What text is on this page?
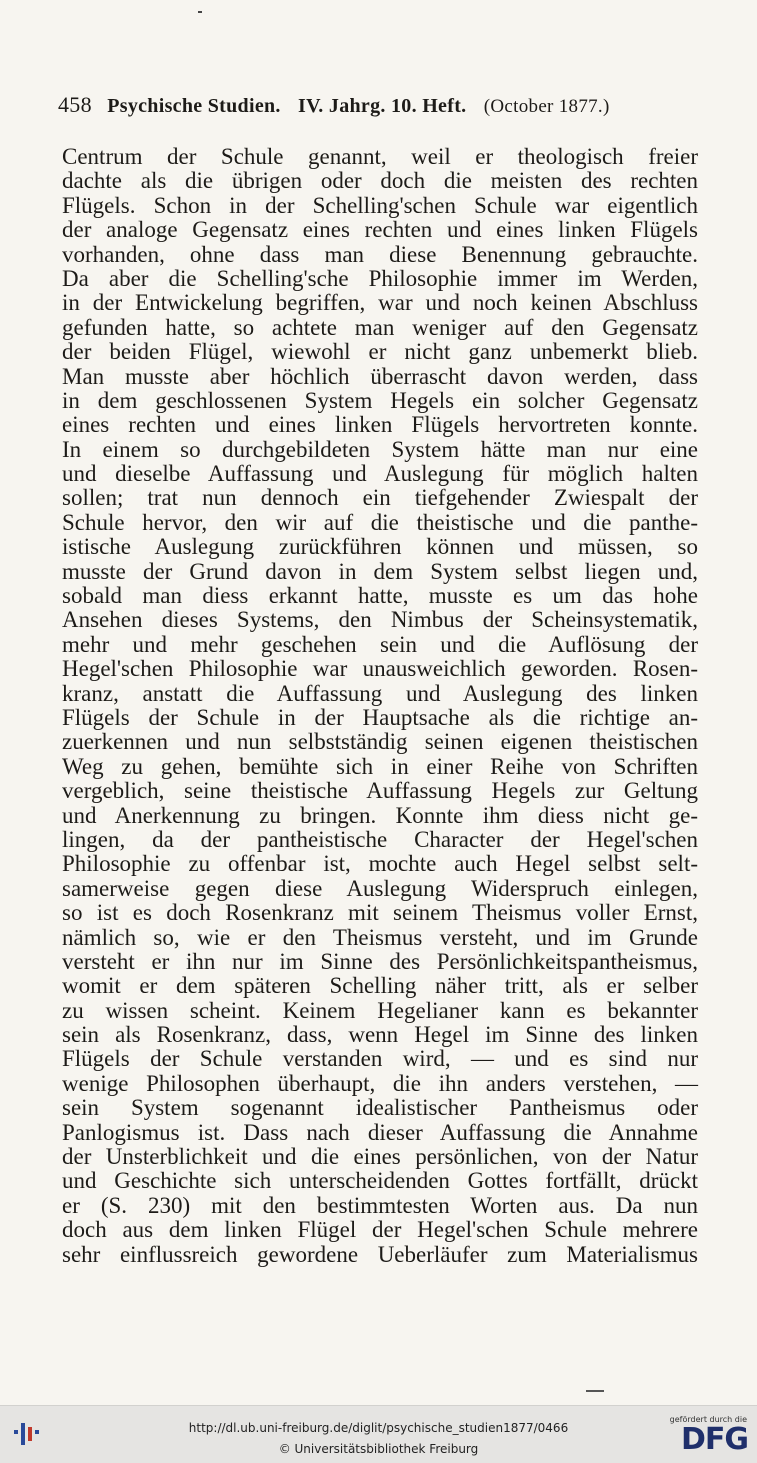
458 Psychische Studien. IV. Jahrg. 10. Heft. (October 1877.)
Centrum der Schule genannt, weil er theologisch freier
dachte als die übrigen oder doch die meisten des rechten
Flügels. Schon in der Schelling'schen Schule war eigentlich
der analoge Gegensatz eines rechten und eines linken Flügels
vorhanden, ohne dass man diese Benennung gebrauchte.
Da aber die Schelling'sche Philosophie immer im Werden,
in der Entwickelung begriffen, war und noch keinen Abschluss
gefunden hatte, so achtete man weniger auf den Gegensatz
der beiden Flügel, wiewohl er nicht ganz unbemerkt blieb.
Man musste aber höchlich überrascht davon werden, dass
in dem geschlossenen System Hegels ein solcher Gegensatz
eines rechten und eines linken Flügels hervortreten konnte.
In einem so durchgebildeten System hätte man nur eine
und dieselbe Auffassung und Auslegung für möglich halten
sollen; trat nun dennoch ein tiefgehender Zwiespalt der
Schule hervor, den wir auf die theistische und die panthe-
istische Auslegung zurückführen können und müssen, so
musste der Grund davon in dem System selbst liegen und,
sobald man diess erkannt hatte, musste es um das hohe
Ansehen dieses Systems, den Nimbus der Scheinsystematik,
mehr und mehr geschehen sein und die Auflösung der
Hegel'schen Philosophie war unausweichlich geworden. Rosen-
kranz, anstatt die Auffassung und Auslegung des linken
Flügels der Schule in der Hauptsache als die richtige an-
zuerkennen und nun selbstständig seinen eigenen theistischen
Weg zu gehen, bemühte sich in einer Reihe von Schriften
vergeblich, seine theistische Auffassung Hegels zur Geltung
und Anerkennung zu bringen. Konnte ihm diess nicht ge-
lingen, da der pantheistische Character der Hegel'schen
Philosophie zu offenbar ist, mochte auch Hegel selbst selt-
samerweise gegen diese Auslegung Widerspruch einlegen,
so ist es doch Rosenkranz mit seinem Theismus voller Ernst,
nämlich so, wie er den Theismus versteht, und im Grunde
versteht er ihn nur im Sinne des Persönlichkeitspantheismus,
womit er dem späteren Schelling näher tritt, als er selber
zu wissen scheint. Keinem Hegelianer kann es bekannter
sein als Rosenkranz, dass, wenn Hegel im Sinne des linken
Flügels der Schule verstanden wird, — und es sind nur
wenige Philosophen überhaupt, die ihn anders verstehen, —
sein System sogenannt idealistischer Pantheismus oder
Panlogismus ist. Dass nach dieser Auffassung die Annahme
der Unsterblichkeit und die eines persönlichen, von der Natur
und Geschichte sich unterscheidenden Gottes fortfällt, drückt
er (S. 230) mit den bestimmtesten Worten aus. Da nun
doch aus dem linken Flügel der Hegel'schen Schule mehrere
sehr einflussreich gewordene Ueberläufer zum Materialismus
http://dl.ub.uni-freiburg.de/diglit/psychische_studien1877/0466
© Universitätsbibliothek Freiburg
gefördert durch die
DFG
